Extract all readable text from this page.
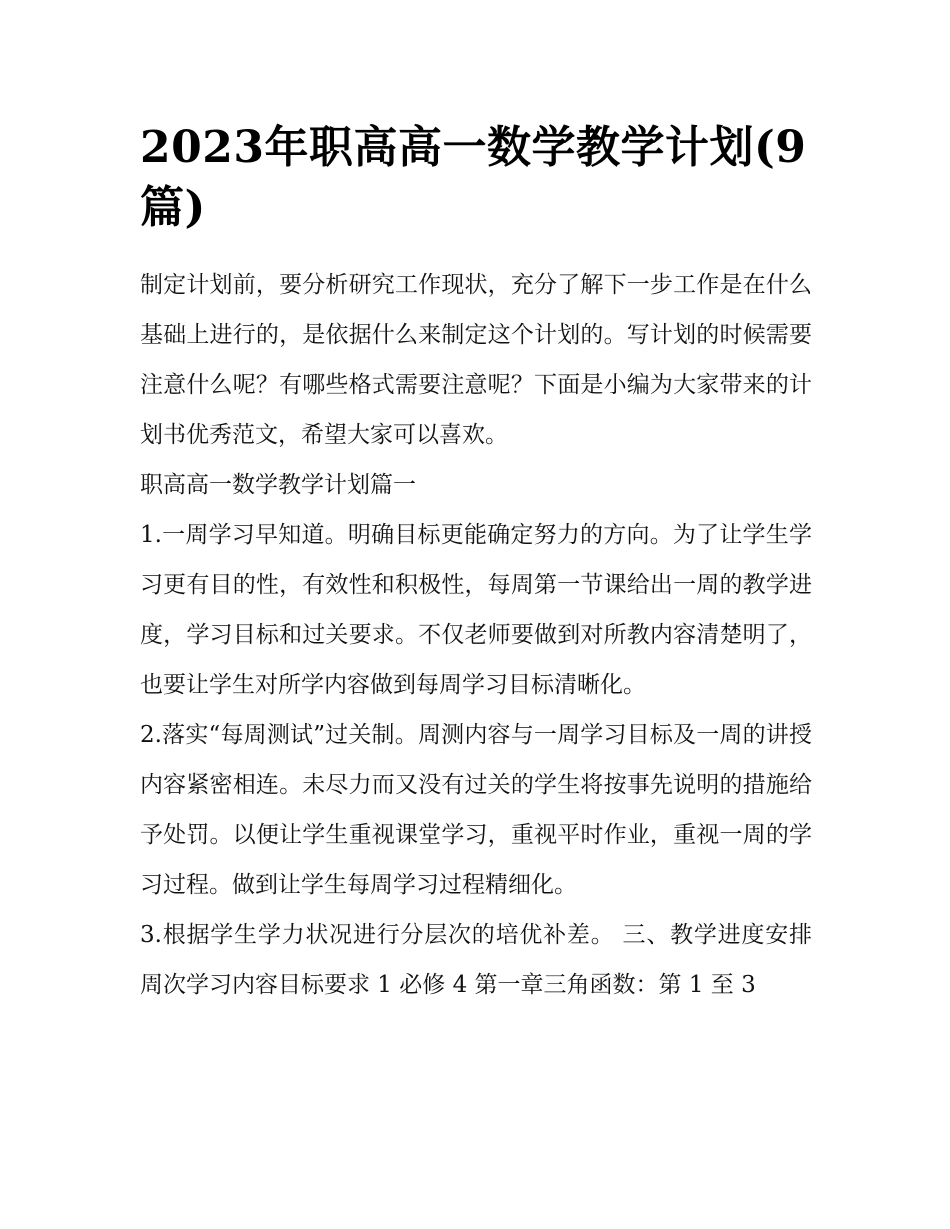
2023年职高高一数学教学计划(9篇)

制定计划前，要分析研究工作现状，充分了解下一步工作是在什么基础上进行的，是依据什么来制定这个计划的。写计划的时候需要注意什么呢？有哪些格式需要注意呢？下面是小编为大家带来的计划书优秀范文，希望大家可以喜欢。

职高高一数学教学计划篇一

1.一周学习早知道。明确目标更能确定努力的方向。为了让学生学习更有目的性，有效性和积极性，每周第一节课给出一周的教学进度，学习目标和过关要求。不仅老师要做到对所教内容清楚明了，也要让学生对所学内容做到每周学习目标清晰化。

2.落实“每周测试”过关制。周测内容与一周学习目标及一周的讲授内容紧密相连。未尽力而又没有过关的学生将按事先说明的措施给予处罚。以便让学生重视课堂学习，重视平时作业，重视一周的学习过程。做到让学生每周学习过程精细化。

3.根据学生学力状况进行分层次的培优补差。 三、教学进度安排 周次学习内容目标要求 1 必修 4 第一章三角函数：第 1 至 3
